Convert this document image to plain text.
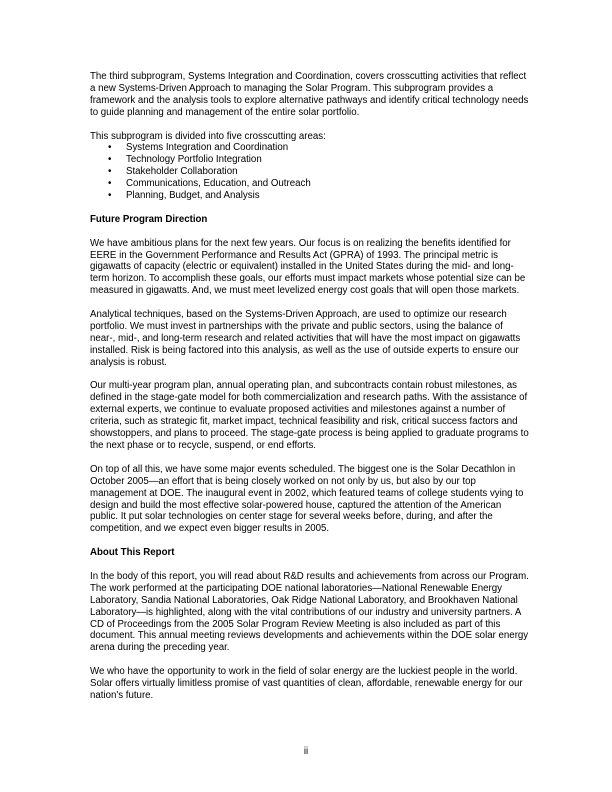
The third subprogram, Systems Integration and Coordination, covers crosscutting activities that reflect a new Systems-Driven Approach to managing the Solar Program. This subprogram provides a framework and the analysis tools to explore alternative pathways and identify critical technology needs to guide planning and management of the entire solar portfolio.

This subprogram is divided into five crosscutting areas:

• Systems Integration and Coordination
• Technology Portfolio Integration
• Stakeholder Collaboration
• Communications, Education, and Outreach
• Planning, Budget, and Analysis
Future Program Direction

We have ambitious plans for the next few years. Our focus is on realizing the benefits identified for EERE in the Government Performance and Results Act (GPRA) of 1993. The principal metric is gigawatts of capacity (electric or equivalent) installed in the United States during the mid- and long-term horizon. To accomplish these goals, our efforts must impact markets whose potential size can be measured in gigawatts. And, we must meet levelized energy cost goals that will open those markets.

Analytical techniques, based on the Systems-Driven Approach, are used to optimize our research portfolio. We must invest in partnerships with the private and public sectors, using the balance of near-, mid-, and long-term research and related activities that will have the most impact on gigawatts installed. Risk is being factored into this analysis, as well as the use of outside experts to ensure our analysis is robust.

Our multi-year program plan, annual operating plan, and subcontracts contain robust milestones, as defined in the stage-gate model for both commercialization and research paths. With the assistance of external experts, we continue to evaluate proposed activities and milestones against a number of criteria, such as strategic fit, market impact, technical feasibility and risk, critical success factors and showstoppers, and plans to proceed. The stage-gate process is being applied to graduate programs to the next phase or to recycle, suspend, or end efforts.

On top of all this, we have some major events scheduled. The biggest one is the Solar Decathlon in October 2005—an effort that is being closely worked on not only by us, but also by our top management at DOE. The inaugural event in 2002, which featured teams of college students vying to design and build the most effective solar-powered house, captured the attention of the American public. It put solar technologies on center stage for several weeks before, during, and after the competition, and we expect even bigger results in 2005.

About This Report

In the body of this report, you will read about R&D results and achievements from across our Program. The work performed at the participating DOE national laboratories—National Renewable Energy Laboratory, Sandia National Laboratories, Oak Ridge National Laboratory, and Brookhaven National Laboratory—is highlighted, along with the vital contributions of our industry and university partners. A CD of Proceedings from the 2005 Solar Program Review Meeting is also included as part of this document. This annual meeting reviews developments and achievements within the DOE solar energy arena during the preceding year.

We who have the opportunity to work in the field of solar energy are the luckiest people in the world. Solar offers virtually limitless promise of vast quantities of clean, affordable, renewable energy for our nation's future.

ii
